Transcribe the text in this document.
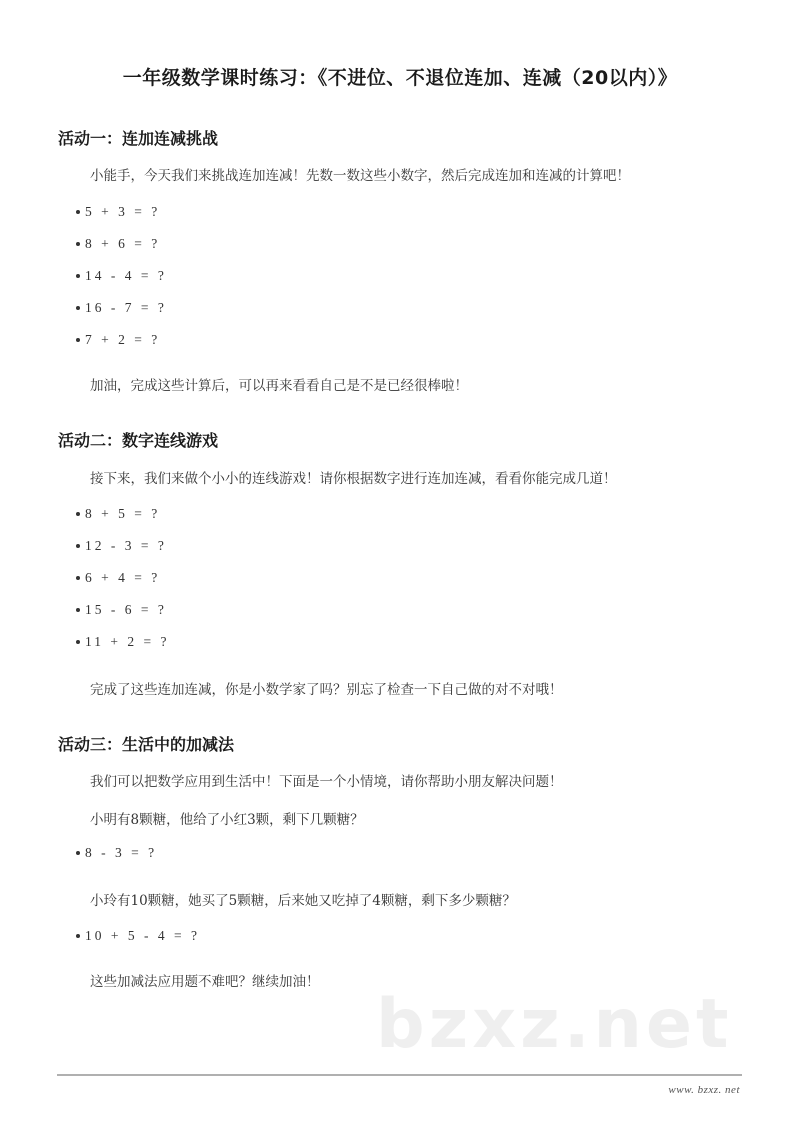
一年级数学课时练习：《不进位、不退位连加、连减（20以内）》
活动一：连加连减挑战
小能手，今天我们来挑战连加连减！先数一数这些小数字，然后完成连加和连减的计算吧！
5 + 3 = ?
8 + 6 = ?
14 - 4 = ?
16 - 7 = ?
7 + 2 = ?
加油，完成这些计算后，可以再来看看自己是不是已经很棒啦！
活动二：数字连线游戏
接下来，我们来做个小小的连线游戏！请你根据数字进行连加连减，看看你能完成几道！
8 + 5 = ?
12 - 3 = ?
6 + 4 = ?
15 - 6 = ?
11 + 2 = ?
完成了这些连加连减，你是小数学家了吗？别忘了检查一下自己做的对不对哦！
活动三：生活中的加减法
我们可以把数学应用到生活中！下面是一个小情境，请你帮助小朋友解决问题！
小明有8颗糖，他给了小红3颗，剩下几颗糖？
8 - 3 = ?
小玲有10颗糖，她买了5颗糖，后来她又吃掉了4颗糖，剩下多少颗糖？
10 + 5 - 4 = ?
这些加减法应用题不难吧？继续加油！
bzxz.net
www. bzxz. net
